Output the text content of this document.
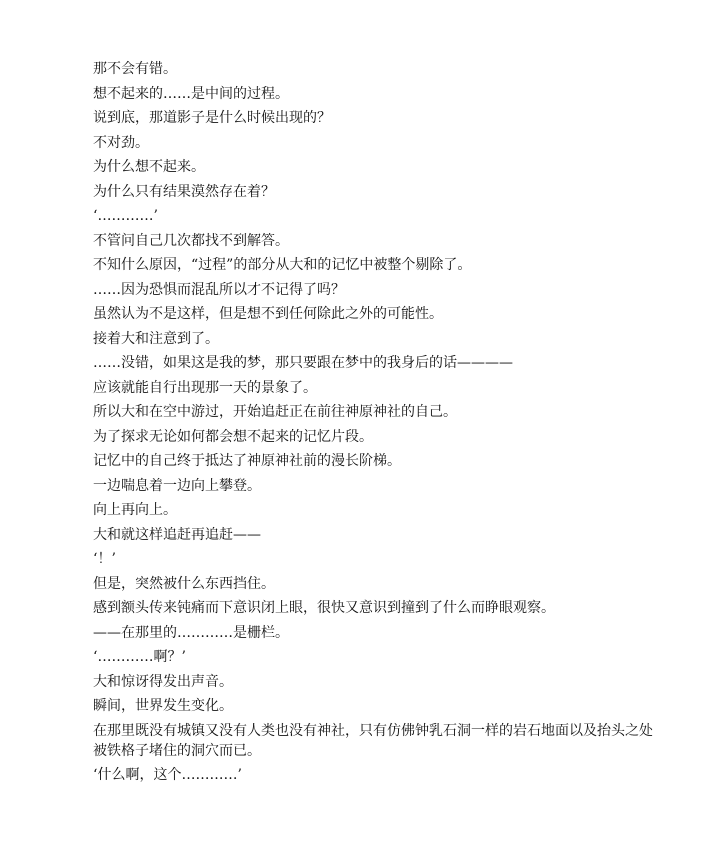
那不会有错。

想不起来的……是中间的过程。

说到底，那道影子是什么时候出现的？

不对劲。

为什么想不起来。

为什么只有结果漠然存在着？

‘…………’

不管问自己几次都找不到解答。

不知什么原因，“过程”的部分从大和的记忆中被整个剔除了。

……因为恐惧而混乱所以才不记得了吗？

虽然认为不是这样，但是想不到任何除此之外的可能性。

接着大和注意到了。

……没错，如果这是我的梦，那只要跟在梦中的我身后的话————

应该就能自行出现那一天的景象了。

所以大和在空中游过，开始追赶正在前往神原神社的自己。

为了探求无论如何都会想不起来的记忆片段。

记忆中的自己终于抵达了神原神社前的漫长阶梯。

一边喘息着一边向上攀登。

向上再向上。

大和就这样追赶再追赶——

‘！’

但是，突然被什么东西挡住。

感到额头传来钝痛而下意识闭上眼，很快又意识到撞到了什么而睁眼观察。

——在那里的…………是栅栏。

‘…………啊？’

大和惊讶得发出声音。

瞬间，世界发生变化。

在那里既没有城镇又没有人类也没有神社，只有仿佛钟乳石洞一样的岩石地面以及抬头之处被铁格子堵住的洞穴而已。

‘什么啊，这个…………’
